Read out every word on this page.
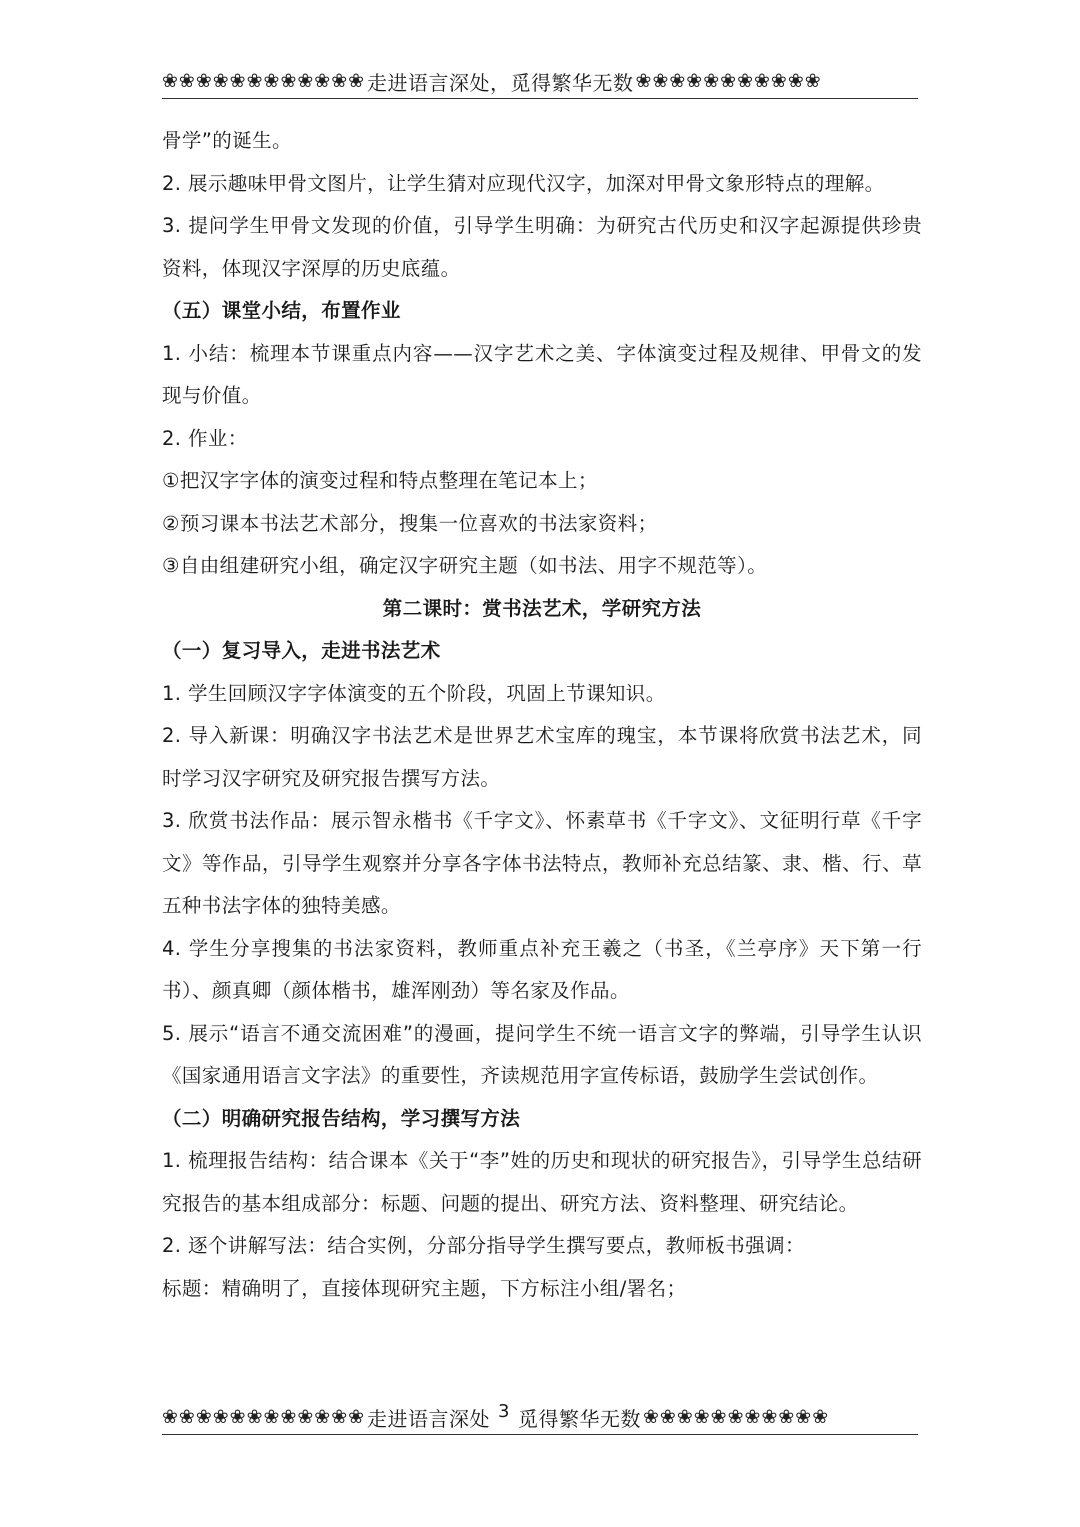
❀❀❀❀❀❀❀❀❀❀❀❀ 走进语言深处，觅得繁华无数 ❀❀❀❀❀❀❀❀❀❀❀

骨学”的诞生。

2. 展示趣味甲骨文图片，让学生猜对应现代汉字，加深对甲骨文象形特点的理解。

3. 提问学生甲骨文发现的价值，引导学生明确：为研究古代历史和汉字起源提供珍贵资料，体现汉字深厚的历史底蕴。

（五）课堂小结，布置作业

1. 小结：梳理本节课重点内容——汉字艺术之美、字体演变过程及规律、甲骨文的发现与价值。

2. 作业：

①把汉字字体的演变过程和特点整理在笔记本上；

②预习课本书法艺术部分，搜集一位喜欢的书法家资料；

③自由组建研究小组，确定汉字研究主题（如书法、用字不规范等）。

第二课时：赏书法艺术，学研究方法

（一）复习导入，走进书法艺术

1. 学生回顾汉字字体演变的五个阶段，巩固上节课知识。

2. 导入新课：明确汉字书法艺术是世界艺术宝库的瑰宝，本节课将欣赏书法艺术，同时学习汉字研究及研究报告撰写方法。

3. 欣赏书法作品：展示智永楷书《千字文》、怀素草书《千字文》、文征明行草《千字文》等作品，引导学生观察并分享各字体书法特点，教师补充总结篆、隶、楷、行、草五种书法字体的独特美感。

4. 学生分享搜集的书法家资料，教师重点补充王羲之（书圣，《兰亭序》天下第一行书）、颜真卿（颜体楷书，雄浑刚劲）等名家及作品。

5. 展示“语言不通交流困难”的漫画，提问学生不统一语言文字的弊端，引导学生认识《国家通用语言文字法》的重要性，齐读规范用字宣传标语，鼓励学生尝试创作。

（二）明确研究报告结构，学习撰写方法

1. 梳理报告结构：结合课本《关于“李”姓的历史和现状的研究报告》，引导学生总结研究报告的基本组成部分：标题、问题的提出、研究方法、资料整理、研究结论。

2. 逐个讲解写法：结合实例，分部分指导学生撰写要点，教师板书强调：

标题：精确明了，直接体现研究主题，下方标注小组/署名；

❀❀❀❀❀❀❀❀❀❀❀❀ 走进语言深处 3 觅得繁华无数 ❀❀❀❀❀❀❀❀❀❀❀
